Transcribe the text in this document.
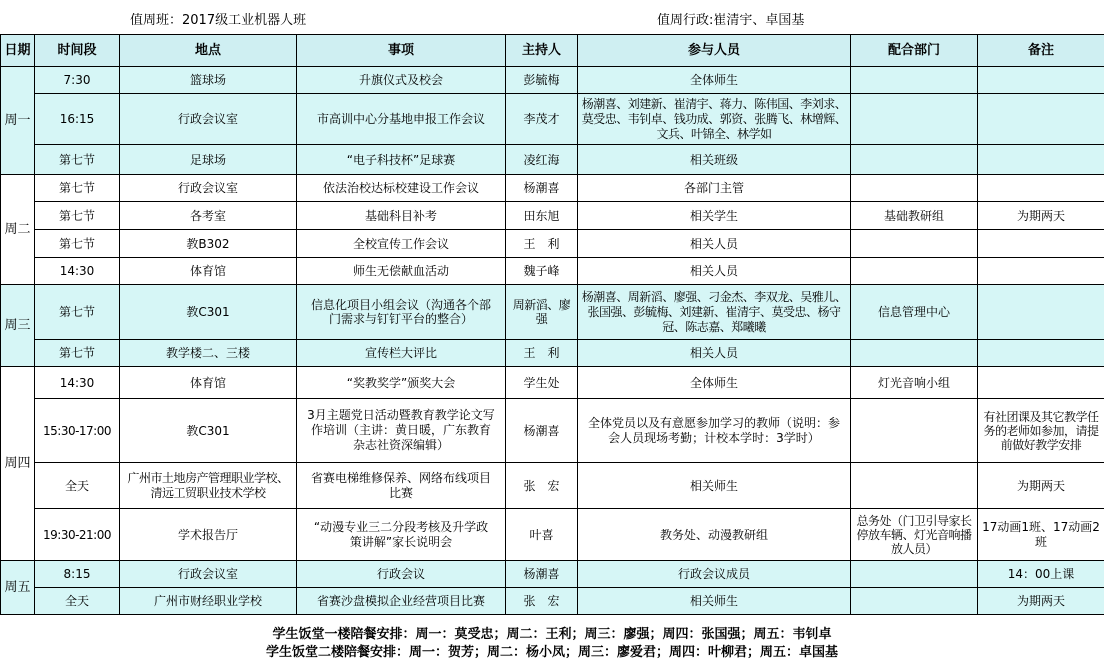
值周班：2017级工业机器人班	值周行政:崔清宇、卓国基
日期	时间段	地点	事项	主持人	参与人员	配合部门	备注
周一	7:30	篮球场	升旗仪式及校会	彭毓梅	全体师生		
	16:15	行政会议室	市高训中心分基地申报工作会议	李茂才	杨潮喜、刘建新、崔清宇、蒋力、陈伟国、李刘求、莫受忠、韦钊卓、钱功成、郭资、张腾飞、林增辉、文兵、叶锦全、林学如		
	第七节	足球场	“电子科技杯”足球赛	凌红海	相关班级		
周二	第七节	行政会议室	依法治校达标校建设工作会议	杨潮喜	各部门主管		
	第七节	各考室	基础科目补考	田东旭	相关学生	基础教研组	为期两天
	第七节	教B302	全校宣传工作会议	王　利	相关人员		
	14:30	体育馆	师生无偿献血活动	魏子峰	相关人员		
周三	第七节	教C301	信息化项目小组会议（沟通各个部门需求与钉钉平台的整合）	周新滔、廖强	杨潮喜、周新滔、廖强、刁金杰、李双龙、吴雅儿、张国强、彭毓梅、刘建新、崔清宇、莫受忠、杨守冠、陈志嘉、郑曦曦	信息管理中心	
	第七节	教学楼二、三楼	宣传栏大评比	王　利	相关人员		
周四	14:30	体育馆	“奖教奖学”颁奖大会	学生处	全体师生	灯光音响小组	
	15:30-17:00	教C301	3月主题党日活动暨教育教学论文写作培训（主讲：黄日暖，广东教育杂志社资深编辑）	杨潮喜	全体党员以及有意愿参加学习的教师（说明：参会人员现场考勤；计校本学时：3学时）		有社团课及其它教学任务的老师如参加，请提前做好教学安排
	全天	广州市土地房产管理职业学校、清远工贸职业技术学校	省赛电梯维修保养、网络布线项目比赛	张　宏	相关师生		为期两天
	19:30-21:00	学术报告厅	“动漫专业三二分段考核及升学政策讲解”家长说明会	叶喜	教务处、动漫教研组	总务处（门卫引导家长停放车辆、灯光音响播放人员）	17动画1班、17动画2班
周五	8:15	行政会议室	行政会议	杨潮喜	行政会议成员		14：00上课
	全天	广州市财经职业学校	省赛沙盘模拟企业经营项目比赛	张　宏	相关师生		为期两天
学生饭堂一楼陪餐安排：周一：莫受忠；周二：王利；周三：廖强；周四：张国强；周五：韦钊卓
学生饭堂二楼陪餐安排：周一：贺芳；周二：杨小凤；周三：廖爱君；周四：叶柳君；周五：卓国基
